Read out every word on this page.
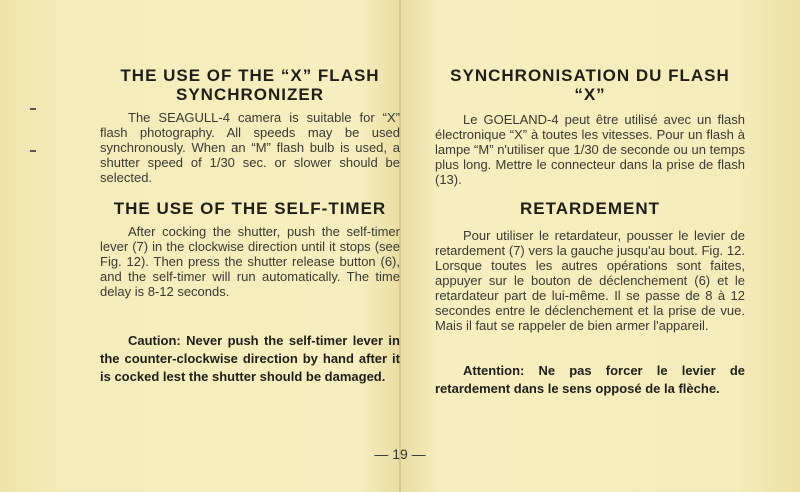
THE USE OF THE “X” FLASH SYNCHRONIZER

The SEAGULL-4 camera is suitable for “X” flash photography. All speeds may be used synchronously. When an “M” flash bulb is used, a shutter speed of 1/30 sec. or slower should be selected.

THE USE OF THE SELF-TIMER

After cocking the shutter, push the self-timer lever (7) in the clockwise direction until it stops (see Fig. 12). Then press the shutter release button (6), and the self-timer will run automatically. The time delay is 8-12 seconds.

Caution: Never push the self-timer lever in the counter-clockwise direction by hand after it is cocked lest the shutter should be damaged.

SYNCHRONISATION DU FLASH “X”

Le GOELAND-4 peut être utilisé avec un flash électronique “X” à toutes les vitesses. Pour un flash à lampe “M” n'utiliser que 1/30 de seconde ou un temps plus long. Mettre le connecteur dans la prise de flash (13).

RETARDEMENT

Pour utiliser le retardateur, pousser le levier de retardement (7) vers la gauche jusqu'au bout. Fig. 12. Lorsque toutes les autres opérations sont faites, appuyer sur le bouton de déclenchement (6) et le retardateur part de lui-même. Il se passe de 8 à 12 secondes entre le déclenchement et la prise de vue. Mais il faut se rappeler de bien armer l'appareil.

Attention: Ne pas forcer le levier de retardement dans le sens opposé de la flèche.

— 19 —
